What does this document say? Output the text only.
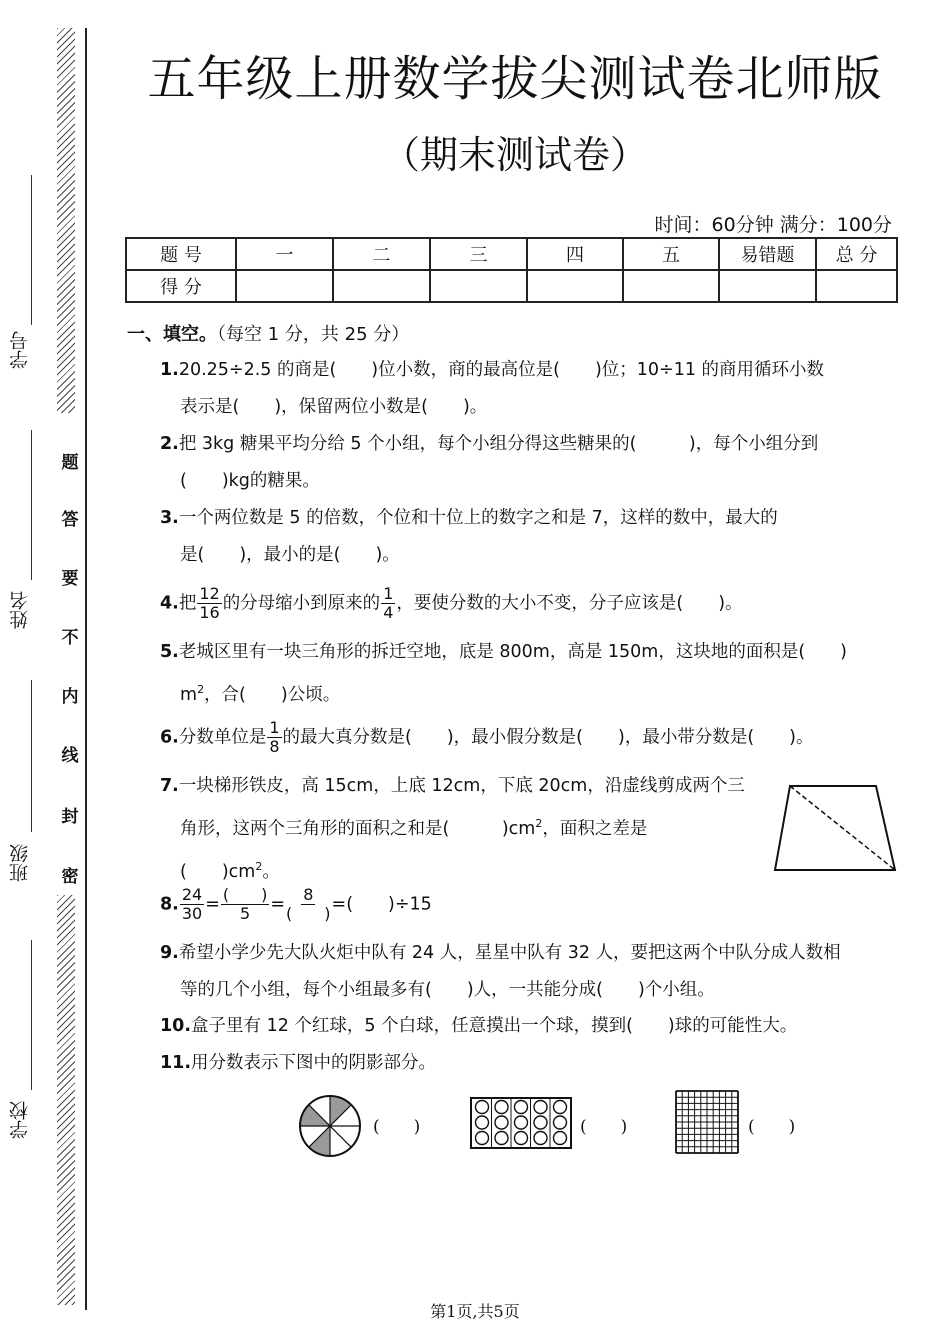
题
答
要
不
内
线
封
密
学号
姓名
班级
学校
五年级上册数学拔尖测试卷北师版
（期末测试卷）
时间：60分钟 满分：100分
题 号	一	二	三	四	五	易错题	总 分
得 分							
一、填空。（每空 1 分，共 25 分）
1.20.25÷2.5 的商是(　　)位小数，商的最高位是(　　)位；10÷11 的商用循环小数
表示是(　　)，保留两位小数是(　　)。
2.把 3kg 糖果平均分给 5 个小组，每个小组分得这些糖果的(　　　)，每个小组分到
(　　)kg的糖果。
3.一个两位数是 5 的倍数，个位和十位上的数字之和是 7，这样的数中，最大的
是(　　)，最小的是(　　)。
4.把 $\frac{12}{16}$ 的分母缩小到原来的 $\frac{1}{4}$ ，要使分数的大小不变，分子应该是(　　)。
5.老城区里有一块三角形的拆迁空地，底是 800m，高是 150m，这块地的面积是(　　)
$m^2$，合(　　)公顷。
6.分数单位是 $\frac{1}{8}$ 的最大真分数是(　　)，最小假分数是(　　)，最小带分数是(　　)。
7.一块梯形铁皮，高 15cm，上底 12cm，下底 20cm，沿虚线剪成两个三
角形，这两个三角形的面积之和是(　　　)$cm^2$，面积之差是
(　　)$cm^2$。
8. $\frac{24}{30} = \frac{( )}{5} = \frac{8}{( )}$ =(　　)÷15
9.希望小学少先大队火炬中队有 24 人，星星中队有 32 人，要把这两个中队分成人数相
等的几个小组，每个小组最多有(　　)人，一共能分成(　　)个小组。
10.盒子里有 12 个红球，5 个白球，任意摸出一个球，摸到(　　)球的可能性大。
11.用分数表示下图中的阴影部分。
(　　)	(　　)	(　　)
第1页,共5页
